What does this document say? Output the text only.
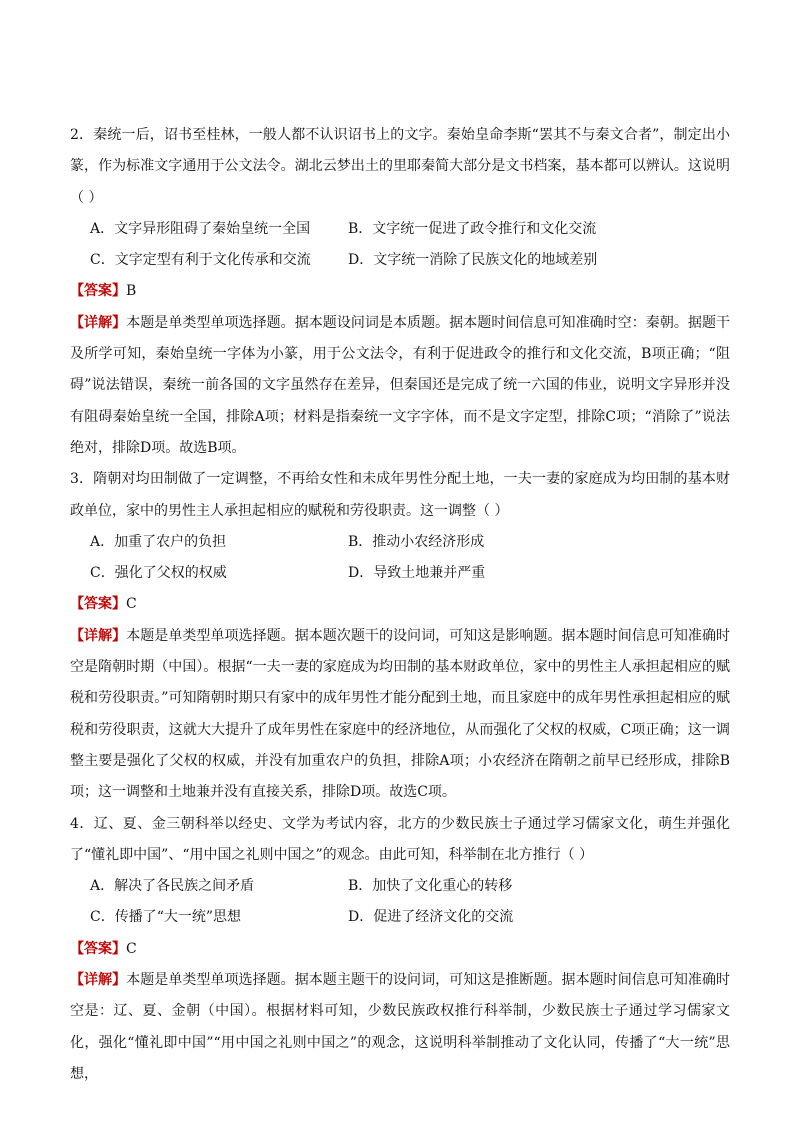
2．秦统一后，诏书至桂林，一般人都不认识诏书上的文字。秦始皇命李斯“罢其不与秦文合者”，制定出小篆，作为标准文字通用于公文法令。湖北云梦出土的里耶秦简大部分是文书档案，基本都可以辨认。这说明（ ）

A．文字异形阻碍了秦始皇统一全国	B．文字统一促进了政令推行和文化交流
C．文字定型有利于文化传承和交流	D．文字统一消除了民族文化的地域差别

【答案】B

【详解】本题是单类型单项选择题。据本题设问词是本质题。据本题时间信息可知准确时空：秦朝。据题干及所学可知，秦始皇统一字体为小篆，用于公文法令，有利于促进政令的推行和文化交流，B项正确；“阻碍”说法错误，秦统一前各国的文字虽然存在差异，但秦国还是完成了统一六国的伟业，说明文字异形并没有阻碍秦始皇统一全国，排除A项；材料是指秦统一文字字体，而不是文字定型，排除C项；“消除了”说法绝对，排除D项。故选B项。

3．隋朝对均田制做了一定调整，不再给女性和未成年男性分配土地，一夫一妻的家庭成为均田制的基本财政单位，家中的男性主人承担起相应的赋税和劳役职责。这一调整（ ）

A．加重了农户的负担	B．推动小农经济形成
C．强化了父权的权威	D．导致土地兼并严重

【答案】C

【详解】本题是单类型单项选择题。据本题次题干的设问词，可知这是影响题。据本题时间信息可知准确时空是隋朝时期（中国）。根据“一夫一妻的家庭成为均田制的基本财政单位，家中的男性主人承担起相应的赋税和劳役职责。”可知隋朝时期只有家中的成年男性才能分配到土地，而且家庭中的成年男性承担起相应的赋税和劳役职责，这就大大提升了成年男性在家庭中的经济地位，从而强化了父权的权威，C项正确；这一调整主要是强化了父权的权威，并没有加重农户的负担，排除A项；小农经济在隋朝之前早已经形成，排除B项；这一调整和土地兼并没有直接关系，排除D项。故选C项。

4．辽、夏、金三朝科举以经史、文学为考试内容，北方的少数民族士子通过学习儒家文化，萌生并强化了“懂礼即中国”、“用中国之礼则中国之”的观念。由此可知，科举制在北方推行（ ）

A．解决了各民族之间矛盾	B．加快了文化重心的转移
C．传播了“大一统”思想	D．促进了经济文化的交流

【答案】C

【详解】本题是单类型单项选择题。据本题主题干的设问词，可知这是推断题。据本题时间信息可知准确时空是：辽、夏、金朝（中国）。根据材料可知，少数民族政权推行科举制，少数民族士子通过学习儒家文化，强化“懂礼即中国”“用中国之礼则中国之”的观念，这说明科举制推动了文化认同，传播了“大一统”思想，
